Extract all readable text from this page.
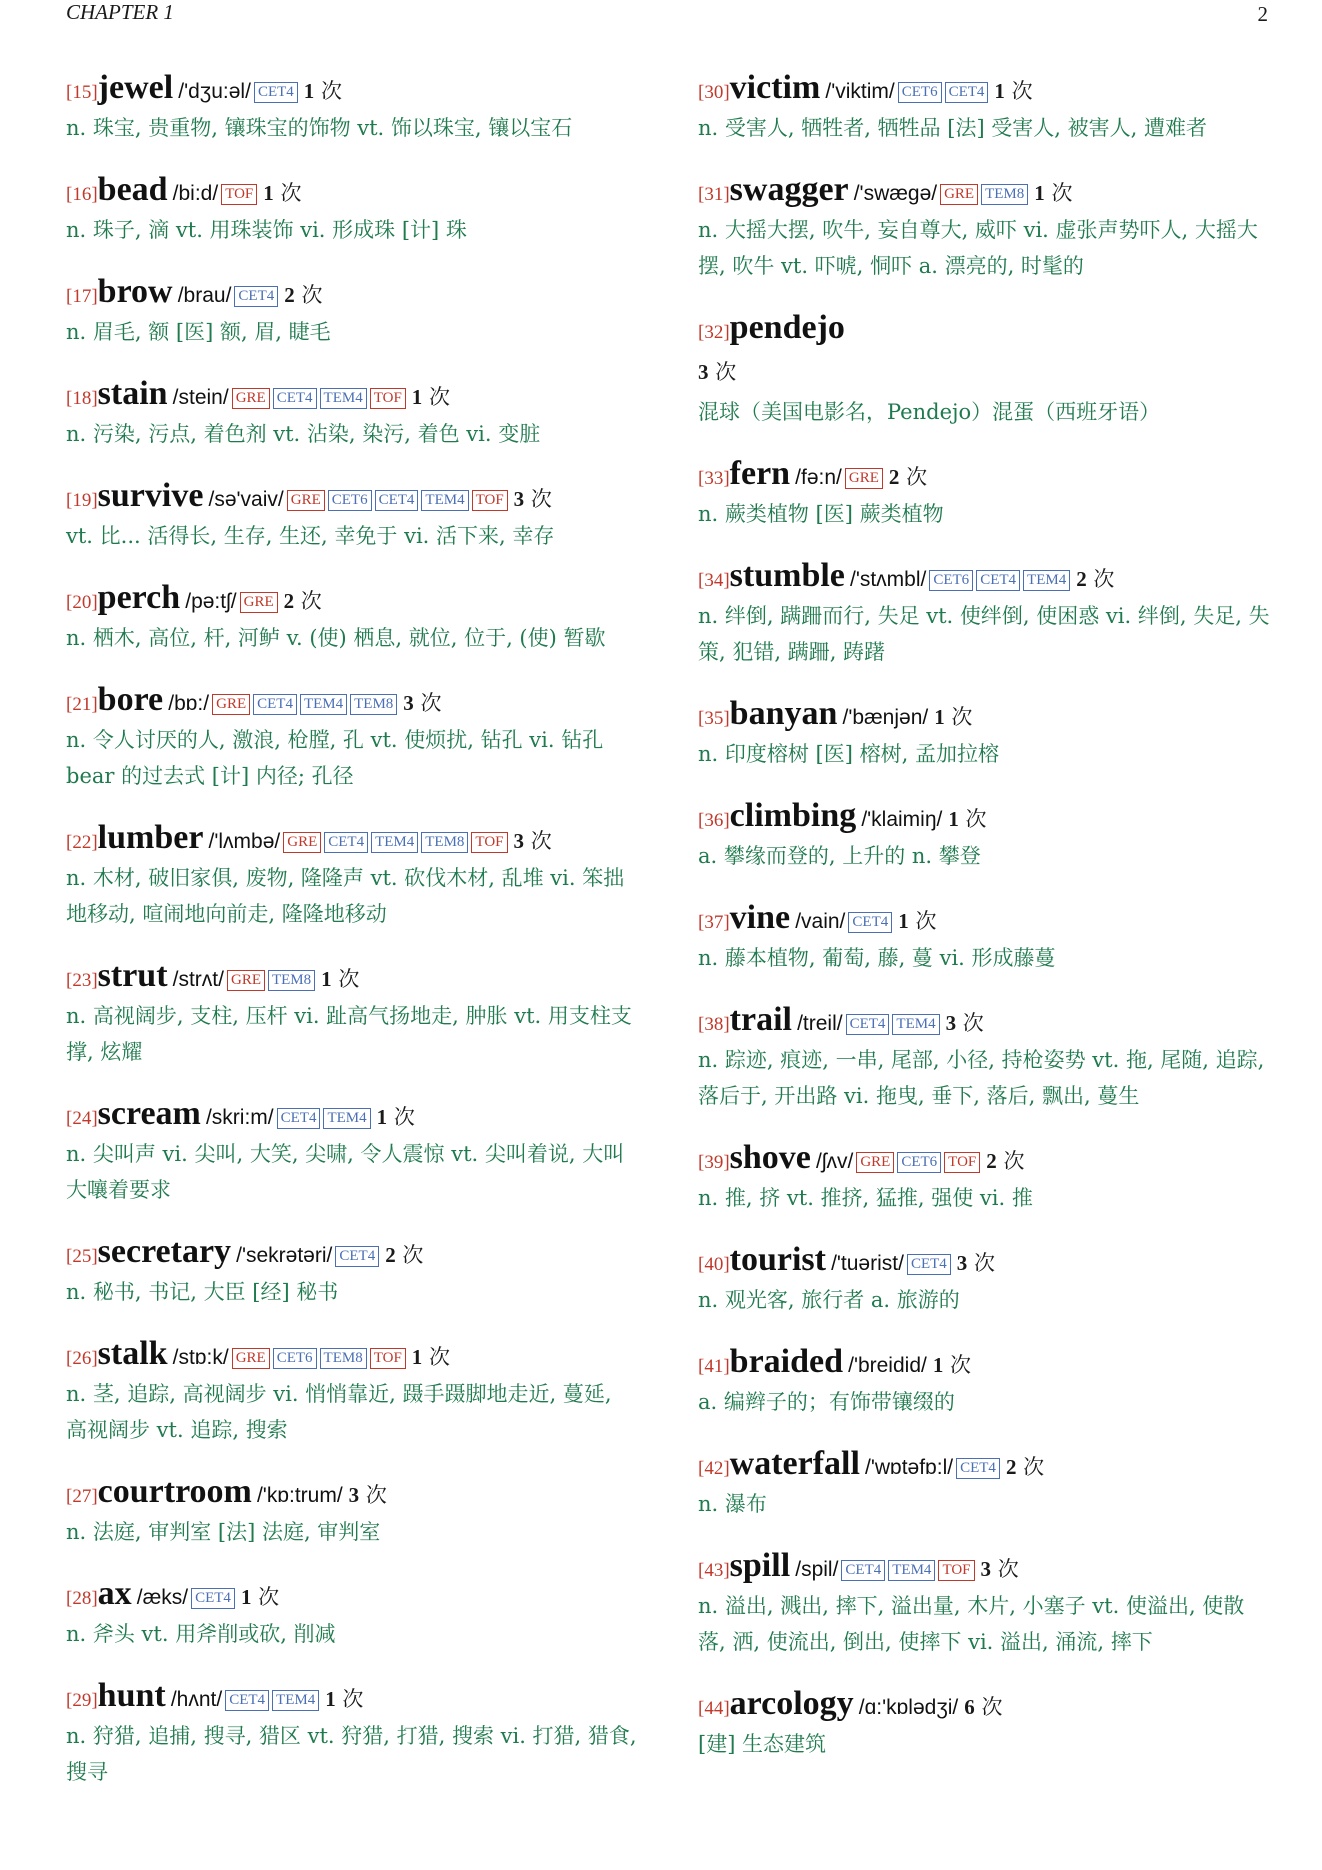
CHAPTER 1	2
[15]jewel /'dʒu:əl/ CET4 1 次
n. 珠宝, 贵重物, 镶珠宝的饰物 vt. 饰以珠宝, 镶以宝石
[16]bead /bi:d/ TOF 1 次
n. 珠子, 滴 vt. 用珠装饰 vi. 形成珠 [计] 珠
[17]brow /brau/ CET4 2 次
n. 眉毛, 额 [医] 额, 眉, 睫毛
[18]stain /stein/ GRE CET4 TEM4 TOF 1 次
n. 污染, 污点, 着色剂 vt. 沾染, 染污, 着色 vi. 变脏
[19]survive /sə'vaiv/ GRE CET6 CET4 TEM4 TOF 3 次
vt. 比... 活得长, 生存, 生还, 幸免于 vi. 活下来, 幸存
[20]perch /pə:tʃ/ GRE 2 次
n. 栖木, 高位, 杆, 河鲈 v. (使) 栖息, 就位, 位于, (使) 暂歇
[21]bore /bɒ:/ GRE CET4 TEM4 TEM8 3 次
n. 令人讨厌的人, 激浪, 枪膛, 孔 vt. 使烦扰, 钻孔 vi. 钻孔 bear 的过去式 [计] 内径; 孔径
[22]lumber /'lʌmbə/ GRE CET4 TEM4 TEM8 TOF 3 次
n. 木材, 破旧家俱, 废物, 隆隆声 vt. 砍伐木材, 乱堆 vi. 笨拙地移动, 喧闹地向前走, 隆隆地移动
[23]strut /strʌt/ GRE TEM8 1 次
n. 高视阔步, 支柱, 压杆 vi. 趾高气扬地走, 肿胀 vt. 用支柱支撑, 炫耀
[24]scream /skri:m/ CET4 TEM4 1 次
n. 尖叫声 vi. 尖叫, 大笑, 尖啸, 令人震惊 vt. 尖叫着说, 大叫大嚷着要求
[25]secretary /'sekrətəri/ CET4 2 次
n. 秘书, 书记, 大臣 [经] 秘书
[26]stalk /stɒ:k/ GRE CET6 TEM8 TOF 1 次
n. 茎, 追踪, 高视阔步 vi. 悄悄靠近, 蹑手蹑脚地走近, 蔓延, 高视阔步 vt. 追踪, 搜索
[27]courtroom /'kɒ:trum/ 3 次
n. 法庭, 审判室 [法] 法庭, 审判室
[28]ax /æks/ CET4 1 次
n. 斧头 vt. 用斧削或砍, 削减
[29]hunt /hʌnt/ CET4 TEM4 1 次
n. 狩猎, 追捕, 搜寻, 猎区 vt. 狩猎, 打猎, 搜索 vi. 打猎, 猎食, 搜寻
[30]victim /'viktim/ CET6 CET4 1 次
n. 受害人, 牺牲者, 牺牲品 [法] 受害人, 被害人, 遭难者
[31]swagger /'swægə/ GRE TEM8 1 次
n. 大摇大摆, 吹牛, 妄自尊大, 威吓 vi. 虚张声势吓人, 大摇大摆, 吹牛 vt. 吓唬, 恫吓 a. 漂亮的, 时髦的
[32]pendejo
3 次
混球（美国电影名，Pendejo）混蛋（西班牙语）
[33]fern /fə:n/ GRE 2 次
n. 蕨类植物 [医] 蕨类植物
[34]stumble /'stʌmbl/ CET6 CET4 TEM4 2 次
n. 绊倒, 蹒跚而行, 失足 vt. 使绊倒, 使困惑 vi. 绊倒, 失足, 失策, 犯错, 蹒跚, 踌躇
[35]banyan /'bænjən/ 1 次
n. 印度榕树 [医] 榕树, 孟加拉榕
[36]climbing /'klaimiŋ/ 1 次
a. 攀缘而登的, 上升的 n. 攀登
[37]vine /vain/ CET4 1 次
n. 藤本植物, 葡萄, 藤, 蔓 vi. 形成藤蔓
[38]trail /treil/ CET4 TEM4 3 次
n. 踪迹, 痕迹, 一串, 尾部, 小径, 持枪姿势 vt. 拖, 尾随, 追踪, 落后于, 开出路 vi. 拖曳, 垂下, 落后, 飘出, 蔓生
[39]shove /ʃʌv/ GRE CET6 TOF 2 次
n. 推, 挤 vt. 推挤, 猛推, 强使 vi. 推
[40]tourist /'tuərist/ CET4 3 次
n. 观光客, 旅行者 a. 旅游的
[41]braided /'breidid/ 1 次
a. 编辫子的；有饰带镶缀的
[42]waterfall /'wɒtəfɒ:l/ CET4 2 次
n. 瀑布
[43]spill /spil/ CET4 TEM4 TOF 3 次
n. 溢出, 溅出, 摔下, 溢出量, 木片, 小塞子 vt. 使溢出, 使散落, 洒, 使流出, 倒出, 使摔下 vi. 溢出, 涌流, 摔下
[44]arcology /ɑ:'kɒlədʒi/ 6 次
[建] 生态建筑
